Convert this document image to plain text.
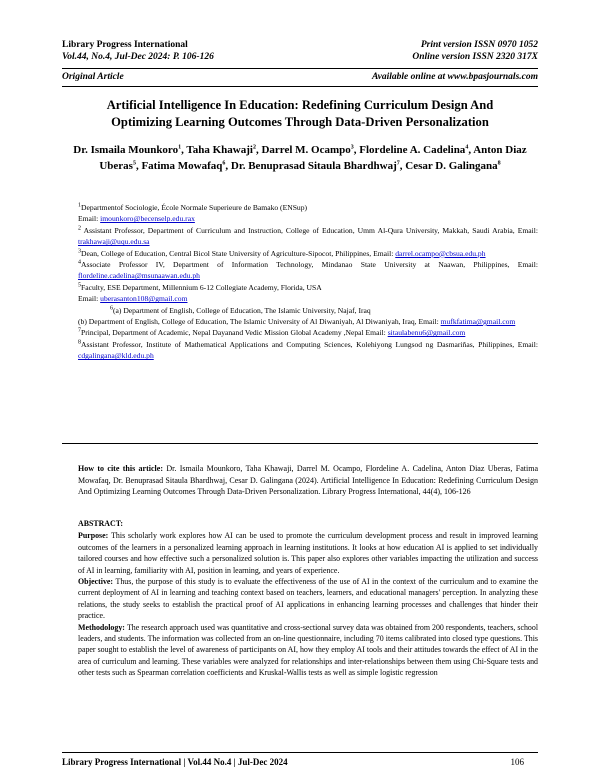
Library Progress International
Vol.44, No.4, Jul-Dec 2024: P. 106-126
Print version ISSN 0970 1052
Online version ISSN 2320 317X
Original Article	Available online at www.bpasjournals.com
Artificial Intelligence In Education: Redefining Curriculum Design And
Optimizing Learning Outcomes Through Data-Driven Personalization
Dr. Ismaila Mounkoro$^1$, Taha Khawaji$^2$, Darrel M. Ocampo$^3$, Flordeline A. Cadelina$^4$, Anton Diaz Uberas$^5$, Fatima Mowafaq$^6$, Dr. Benuprasad Sitaula Bhardhwaj$^7$, Cesar D. Galingana$^8$

$^1$Departmentof Sociologie, École Normale Superieure de Bamako (ENSup)

Email: imounkoro@becenselp.edu.rax

$^2$ Assistant Professor, Department of Curriculum and Instruction, College of Education, Umm Al-Qura University, Makkah, Saudi Arabia, Email: trakhawaji@uqu.edu.sa

$^3$Dean, College of Education, Central Bicol State University of Agriculture-Sipocot, Philippines, Email: darrel.ocampo@cbsua.edu.ph

$^4$Associate Professor IV, Department of Information Technology, Mindanao State University at Naawan, Philippines, Email: flordeline.cadelina@msunaawan.edu.ph

$^5$Faculty, ESE Department, Millennium 6-12 Collegiate Academy, Florida, USA

Email: uberasanton108@gmail.com

$^6$(a) Department of English, College of Education, The Islamic University, Najaf, Iraq

(b) Department of English, College of Education, The Islamic University of Al Diwaniyah, Al Diwaniyah, Iraq, Email: mufkfatima@gmail.com

$^7$Principal, Department of Academic, Nepal Dayanand Vedic Mission Global Academy ,Nepal Email: sitaulabenu6@gmail.com

$^8$Assistant Professor, Institute of Mathematical Applications and Computing Sciences, Kolehiyong Lungsod ng Dasmariñas, Philippines, Email: cdgalingana@kld.edu.ph

How to cite this article: Dr. Ismaila Mounkoro, Taha Khawaji, Darrel M. Ocampo, Flordeline A. Cadelina, Anton Diaz Uberas, Fatima Mowafaq, Dr. Benuprasad Sitaula Bhardhwaj, Cesar D. Galingana (2024). Artificial Intelligence In Education: Redefining Curriculum Design And Optimizing Learning Outcomes Through Data-Driven Personalization. Library Progress International, 44(4), 106-126

ABSTRACT:

Purpose: This scholarly work explores how AI can be used to promote the curriculum development process and result in improved learning outcomes of the learners in a personalized learning approach in learning institutions. It looks at how education AI is applied to set individually tailored courses and how effective such a personalized solution is. This paper also explores other variables impacting the utilization and success of AI in learning, familiarity with AI, position in learning, and years of experience.

Objective: Thus, the purpose of this study is to evaluate the effectiveness of the use of AI in the context of the curriculum and to examine the current deployment of AI in learning and teaching context based on teachers, learners, and educational managers' perception. In analyzing these relations, the study seeks to establish the practical proof of AI applications in enhancing learning processes and challenges that hinder their practice.

Methodology: The research approach used was quantitative and cross-sectional survey data was obtained from 200 respondents, teachers, school leaders, and students. The information was collected from an on-line questionnaire, including 70 items calibrated into closed type questions. This paper sought to establish the level of awareness of participants on AI, how they employ AI tools and their attitudes towards the effect of AI in the area of curriculum and learning. These variables were analyzed for relationships and inter-relationships between them using Chi-Square tests and other tests such as Spearman correlation coefficients and Kruskal-Wallis tests as well as simple logistic regression

Library Progress International | Vol.44 No.4 | Jul-Dec 2024	106
